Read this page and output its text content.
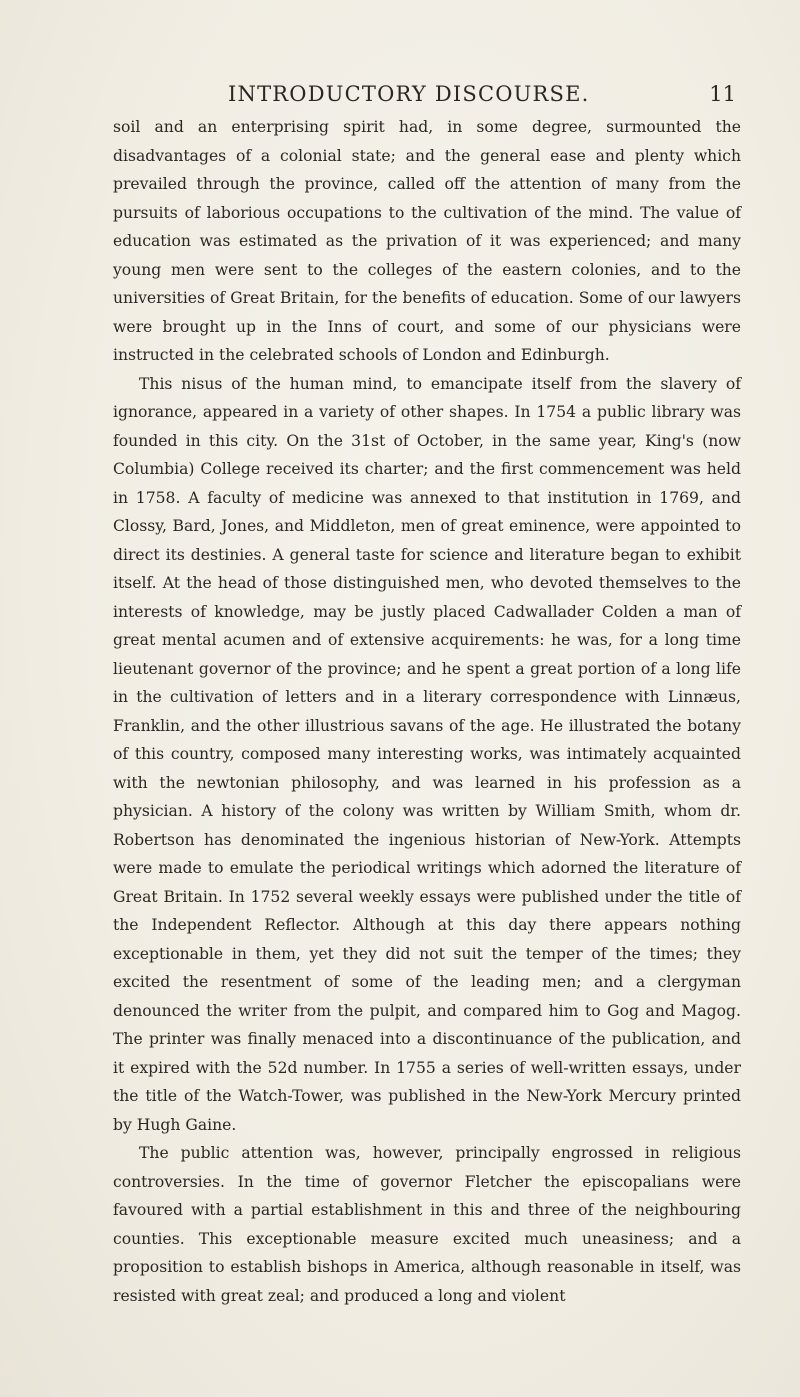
INTRODUCTORY DISCOURSE.	11

soil and an enterprising spirit had, in some degree, surmounted the disadvantages of a colonial state; and the general ease and plenty which prevailed through the province, called off the attention of many from the pursuits of laborious occupations to the cultivation of the mind. The value of education was estimated as the privation of it was experienced; and many young men were sent to the colleges of the eastern colonies, and to the universities of Great Britain, for the benefits of education. Some of our lawyers were brought up in the Inns of court, and some of our physicians were instructed in the celebrated schools of London and Edinburgh.

This nisus of the human mind, to emancipate itself from the slavery of ignorance, appeared in a variety of other shapes. In 1754 a public library was founded in this city. On the 31st of October, in the same year, King's (now Columbia) College received its charter; and the first commencement was held in 1758. A faculty of medicine was annexed to that institution in 1769, and Clossy, Bard, Jones, and Middleton, men of great eminence, were appointed to direct its destinies. A general taste for science and literature began to exhibit itself. At the head of those distinguished men, who devoted themselves to the interests of knowledge, may be justly placed Cadwallader Colden a man of great mental acumen and of extensive acquirements: he was, for a long time lieutenant governor of the province; and he spent a great portion of a long life in the cultivation of letters and in a literary correspondence with Linnæus, Franklin, and the other illustrious savans of the age. He illustrated the botany of this country, composed many interesting works, was intimately acquainted with the newtonian philosophy, and was learned in his profession as a physician. A history of the colony was written by William Smith, whom dr. Robertson has denominated the ingenious historian of New-York. Attempts were made to emulate the periodical writings which adorned the literature of Great Britain. In 1752 several weekly essays were published under the title of the Independent Reflector. Although at this day there appears nothing exceptionable in them, yet they did not suit the temper of the times; they excited the resentment of some of the leading men; and a clergyman denounced the writer from the pulpit, and compared him to Gog and Magog. The printer was finally menaced into a discontinuance of the publication, and it expired with the 52d number. In 1755 a series of well-written essays, under the title of the Watch-Tower, was published in the New-York Mercury printed by Hugh Gaine.

The public attention was, however, principally engrossed in religious controversies. In the time of governor Fletcher the episcopalians were favoured with a partial establishment in this and three of the neighbouring counties. This exceptionable measure excited much uneasiness; and a proposition to establish bishops in America, although reasonable in itself, was resisted with great zeal; and produced a long and violent
